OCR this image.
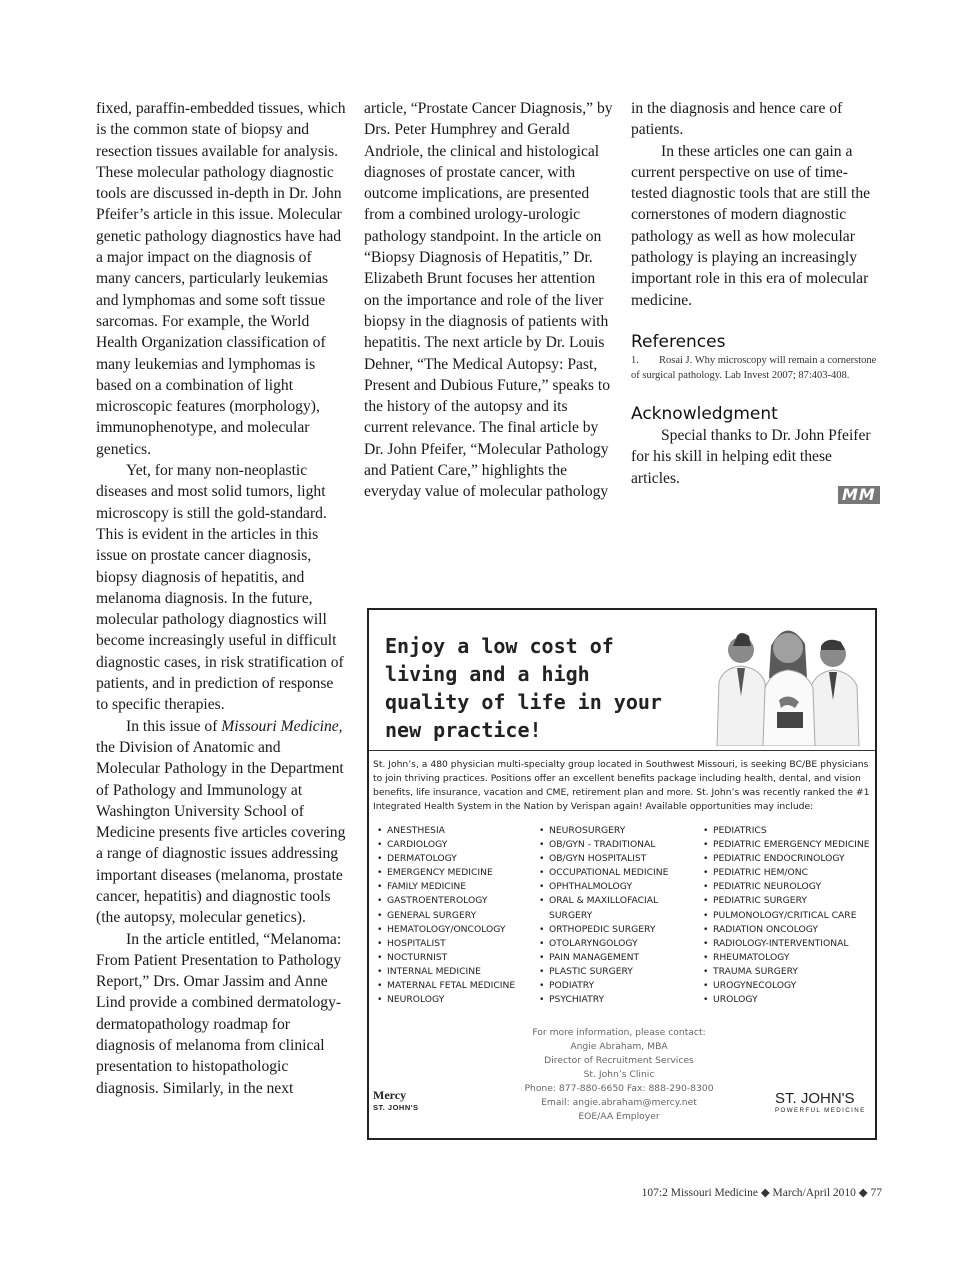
fixed, paraffin-embedded tissues, which is the common state of biopsy and resection tissues available for analysis. These molecular pathology diagnostic tools are discussed in-depth in Dr. John Pfeifer’s article in this issue. Molecular genetic pathology diagnostics have had a major impact on the diagnosis of many cancers, particularly leukemias and lymphomas and some soft tissue sarcomas. For example, the World Health Organization classification of many leukemias and lymphomas is based on a combination of light microscopic features (morphology), immunophenotype, and molecular genetics.

Yet, for many non-neoplastic diseases and most solid tumors, light microscopy is still the gold-standard. This is evident in the articles in this issue on prostate cancer diagnosis, biopsy diagnosis of hepatitis, and melanoma diagnosis. In the future, molecular pathology diagnostics will become increasingly useful in difficult diagnostic cases, in risk stratification of patients, and in prediction of response to specific therapies.

In this issue of Missouri Medicine, the Division of Anatomic and Molecular Pathology in the Department of Pathology and Immunology at Washington University School of Medicine presents five articles covering a range of diagnostic issues addressing important diseases (melanoma, prostate cancer, hepatitis) and diagnostic tools (the autopsy, molecular genetics).

In the article entitled, “Melanoma: From Patient Presentation to Pathology Report,” Drs. Omar Jassim and Anne Lind provide a combined dermatology-dermatopathology roadmap for diagnosis of melanoma from clinical presentation to histopathologic diagnosis. Similarly, in the next

article, “Prostate Cancer Diagnosis,” by Drs. Peter Humphrey and Gerald Andriole, the clinical and histological diagnoses of prostate cancer, with outcome implications, are presented from a combined urology-urologic pathology standpoint. In the article on “Biopsy Diagnosis of Hepatitis,” Dr. Elizabeth Brunt focuses her attention on the importance and role of the liver biopsy in the diagnosis of patients with hepatitis. The next article by Dr. Louis Dehner, “The Medical Autopsy: Past, Present and Dubious Future,” speaks to the history of the autopsy and its current relevance. The final article by Dr. John Pfeifer, “Molecular Pathology and Patient Care,” highlights the everyday value of molecular pathology

in the diagnosis and hence care of patients.

In these articles one can gain a current perspective on use of time-tested diagnostic tools that are still the cornerstones of modern diagnostic pathology as well as how molecular pathology is playing an increasingly important role in this era of molecular medicine.

References
1. Rosai J. Why microscopy will remain a cornerstone of surgical pathology. Lab Invest 2007; 87:403-408.
Acknowledgment

Special thanks to Dr. John Pfeifer for his skill in helping edit these articles.

MM
Enjoy a low cost of living and a high quality of life in your new practice!
St. John’s, a 480 physician multi-specialty group located in Southwest Missouri, is seeking BC/BE physicians to join thriving practices. Positions offer an excellent benefits package including health, dental, and vision benefits, life insurance, vacation and CME, retirement plan and more. St. John’s was recently ranked the #1 Integrated Health System in the Nation by Verispan again! Available opportunities may include:
• ANESTHESIA
• CARDIOLOGY
• DERMATOLOGY
• EMERGENCY MEDICINE
• FAMILY MEDICINE
• GASTROENTEROLOGY
• GENERAL SURGERY
• HEMATOLOGY/ONCOLOGY
• HOSPITALIST
• NOCTURNIST
• INTERNAL MEDICINE
• MATERNAL FETAL MEDICINE
• NEUROLOGY
• NEUROSURGERY
• OB/GYN - TRADITIONAL
• OB/GYN HOSPITALIST
• OCCUPATIONAL MEDICINE
• OPHTHALMOLOGY
• ORAL & MAXILLOFACIAL SURGERY
• ORTHOPEDIC SURGERY
• OTOLARYNGOLOGY
• PAIN MANAGEMENT
• PLASTIC SURGERY
• PODIATRY
• PSYCHIATRY
• PEDIATRICS
• PEDIATRIC EMERGENCY MEDICINE
• PEDIATRIC ENDOCRINOLOGY
• PEDIATRIC HEM/ONC
• PEDIATRIC NEUROLOGY
• PEDIATRIC SURGERY
• PULMONOLOGY/CRITICAL CARE
• RADIATION ONCOLOGY
• RADIOLOGY-INTERVENTIONAL
• RHEUMATOLOGY
• TRAUMA SURGERY
• UROGYNECOLOGY
• UROLOGY
For more information, please contact:
Angie Abraham, MBA
Director of Recruitment Services
St. John’s Clinic
Phone: 877-880-6650 Fax: 888-290-8300
Email: angie.abraham@mercy.net
EOE/AA Employer
Mercy
ST. JOHN'S
ST. JOHN'S
POWERFUL MEDICINE
107:2 Missouri Medicine ◆ March/April 2010 ◆ 77
